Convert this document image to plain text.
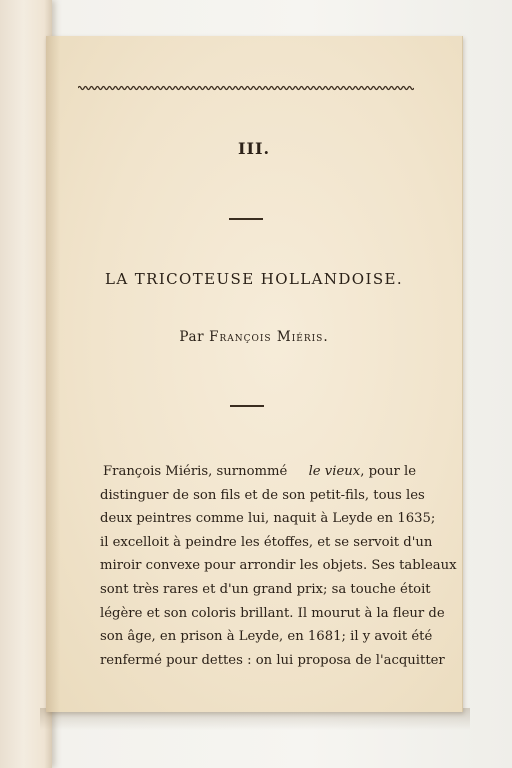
III.
LA TRICOTEUSE HOLLANDOISE.
Par François Miéris.
François Miéris, surnommé le vieux, pour le
distinguer de son fils et de son petit-fils, tous les
deux peintres comme lui, naquit à Leyde en 1635;
il excelloit à peindre les étoffes, et se servoit d'un
miroir convexe pour arrondir les objets. Ses tableaux
sont très rares et d'un grand prix; sa touche étoit
légère et son coloris brillant. Il mourut à la fleur de
son âge, en prison à Leyde, en 1681; il y avoit été
renfermé pour dettes : on lui proposa de l'acquitter
